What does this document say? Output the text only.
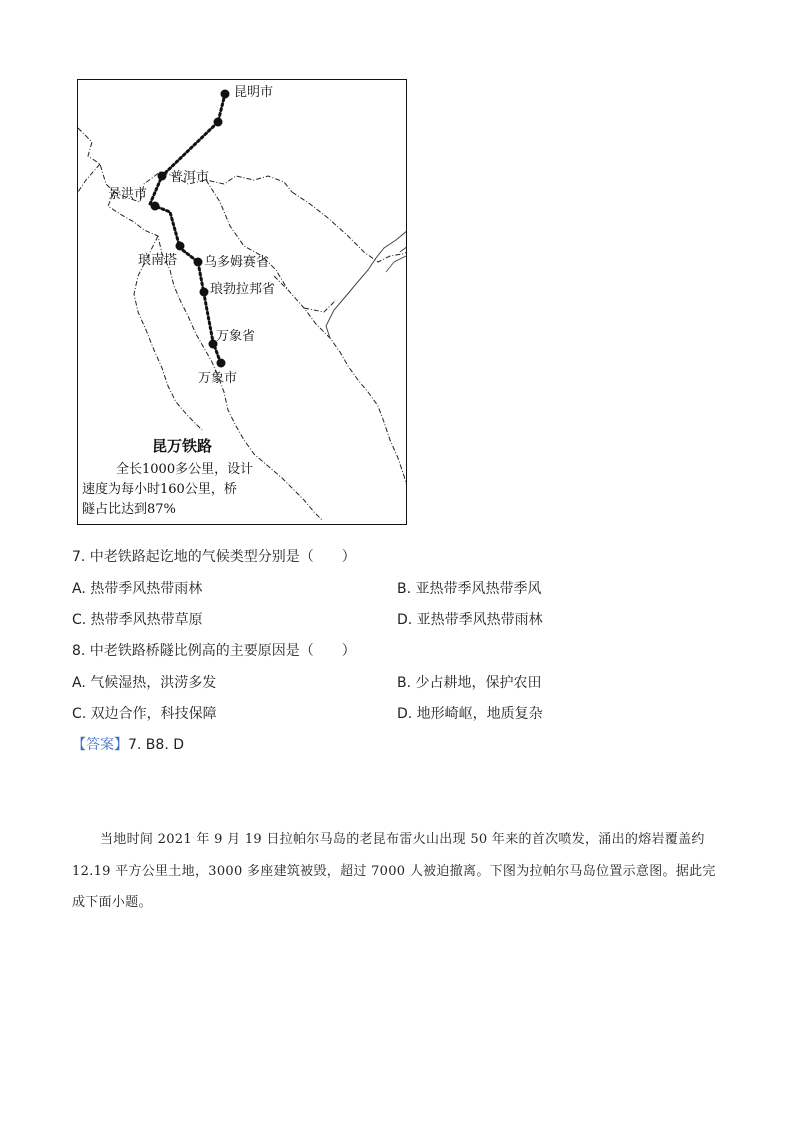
昆明市
普洱市
景洪市
琅南塔 乌多姆赛省
琅勃拉邦省
万象省
万象市
昆万铁路
全长1000多公里，设计
速度为每小时160公里，桥
隧占比达到87%
7. 中老铁路起讫地的气候类型分别是（　　）
A. 热带季风热带雨林	B. 亚热带季风热带季风
C. 热带季风热带草原	D. 亚热带季风热带雨林
8. 中老铁路桥隧比例高的主要原因是（　　）
A. 气候湿热，洪涝多发	B. 少占耕地，保护农田
C. 双边合作，科技保障	D. 地形崎岖，地质复杂
【答案】7. B8. D
当地时间 2021 年 9 月 19 日拉帕尔马岛的老昆布雷火山出现 50 年来的首次喷发，涌出的熔岩覆盖约
12.19 平方公里土地，3000 多座建筑被毁，超过 7000 人被迫撤离。下图为拉帕尔马岛位置示意图。据此完
成下面小题。
